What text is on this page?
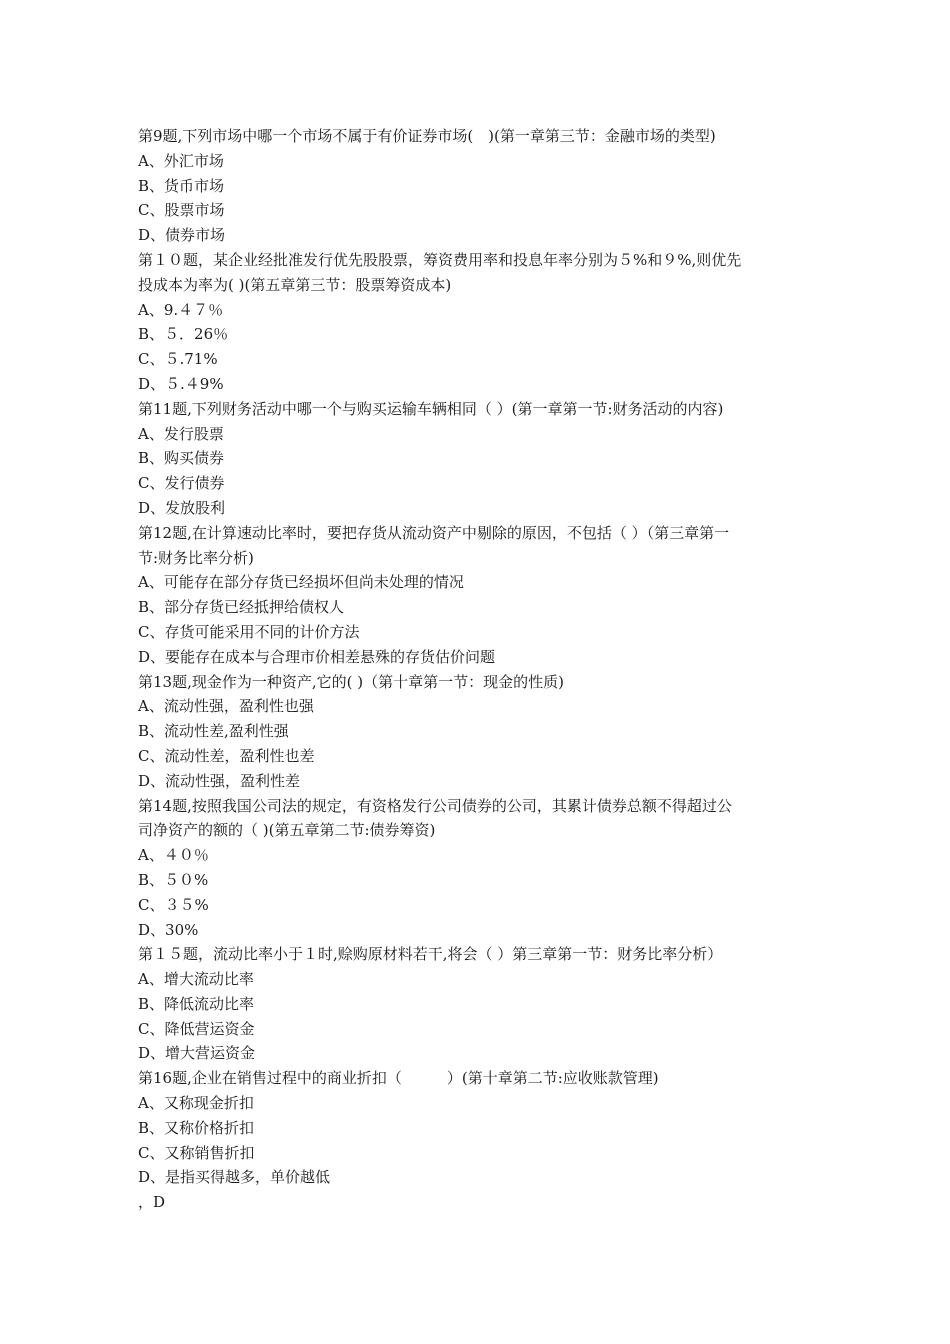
第9题,下列市场中哪一个市场不属于有价证券市场(　)(第一章第三节：金融市场的类型)
A、外汇市场
B、货币市场
C、股票市场
D、债券市场
第１０题，某企业经批准发行优先股股票，筹资费用率和投息年率分别为５%和９%,则优先
投成本为率为( )(第五章第三节：股票筹资成本)
A、9.４７％
B、５．26％
C、５.71%
D、５.４9%
第11题,下列财务活动中哪一个与购买运输车辆相同（ ）(第一章第一节:财务活动的内容)
A、发行股票
B、购买债券
C、发行债券
D、发放股利
第12题,在计算速动比率时，要把存货从流动资产中剔除的原因，不包括（ ）（第三章第一
节:财务比率分析)
A、可能存在部分存货已经损坏但尚未处理的情况
B、部分存货已经抵押给债权人
C、存货可能采用不同的计价方法
D、要能存在成本与合理市价相差悬殊的存货估价问题
第13题,现金作为一种资产,它的( )（第十章第一节：现金的性质)
A、流动性强，盈利性也强
B、流动性差,盈利性强
C、流动性差，盈利性也差
D、流动性强，盈利性差
第14题,按照我国公司法的规定，有资格发行公司债券的公司，其累计债券总额不得超过公
司净资产的额的（ )(第五章第二节:债券筹资)
A、４０％
B、５０%
C、３５%
D、30%
第１５题，流动比率小于１时,赊购原材料若干,将会（ ）第三章第一节：财务比率分析）
A、增大流动比率
B、降低流动比率
C、降低营运资金
D、增大营运资金
第16题,企业在销售过程中的商业折扣（　　　）(第十章第二节:应收账款管理)
A、又称现金折扣
B、又称价格折扣
C、又称销售折扣
D、是指买得越多，单价越低
，D
